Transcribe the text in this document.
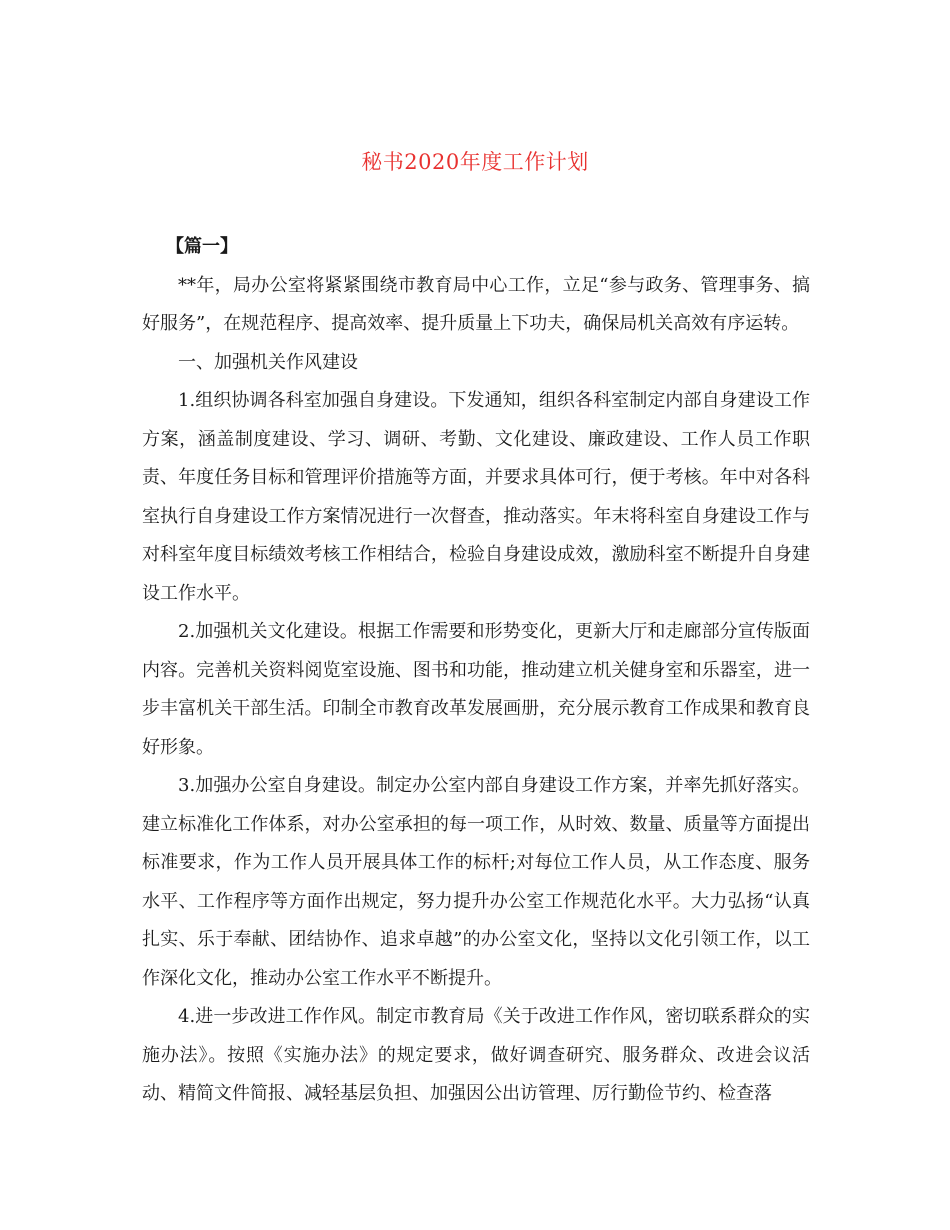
秘书2020年度工作计划

【篇一】

**年，局办公室将紧紧围绕市教育局中心工作，立足“参与政务、管理事务、搞好服务”，在规范程序、提高效率、提升质量上下功夫，确保局机关高效有序运转。

一、加强机关作风建设

1.组织协调各科室加强自身建设。下发通知，组织各科室制定内部自身建设工作方案，涵盖制度建设、学习、调研、考勤、文化建设、廉政建设、工作人员工作职责、年度任务目标和管理评价措施等方面，并要求具体可行，便于考核。年中对各科室执行自身建设工作方案情况进行一次督查，推动落实。年末将科室自身建设工作与对科室年度目标绩效考核工作相结合，检验自身建设成效，激励科室不断提升自身建设工作水平。

2.加强机关文化建设。根据工作需要和形势变化，更新大厅和走廊部分宣传版面内容。完善机关资料阅览室设施、图书和功能，推动建立机关健身室和乐器室，进一步丰富机关干部生活。印制全市教育改革发展画册，充分展示教育工作成果和教育良好形象。

3.加强办公室自身建设。制定办公室内部自身建设工作方案，并率先抓好落实。建立标准化工作体系，对办公室承担的每一项工作，从时效、数量、质量等方面提出标准要求，作为工作人员开展具体工作的标杆;对每位工作人员，从工作态度、服务水平、工作程序等方面作出规定，努力提升办公室工作规范化水平。大力弘扬“认真扎实、乐于奉献、团结协作、追求卓越”的办公室文化，坚持以文化引领工作，以工作深化文化，推动办公室工作水平不断提升。

4.进一步改进工作作风。制定市教育局《关于改进工作作风，密切联系群众的实施办法》。按照《实施办法》的规定要求，做好调查研究、服务群众、改进会议活动、精简文件简报、减轻基层负担、加强因公出访管理、厉行勤俭节约、检查落
